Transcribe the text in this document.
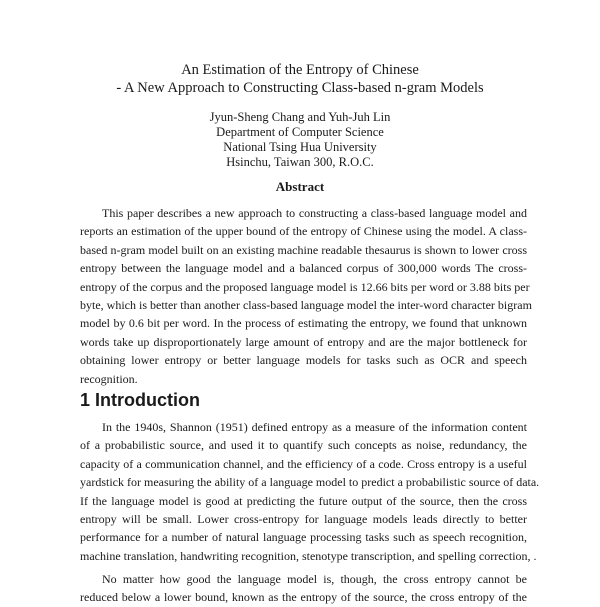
An Estimation of the Entropy of Chinese
- A New Approach to Constructing Class-based n-gram Models
Jyun-Sheng Chang and Yuh-Juh Lin
Department of Computer Science
National Tsing Hua University
Hsinchu, Taiwan 300, R.O.C.
Abstract
This paper describes a new approach to constructing a class-based language model and
reports an estimation of the upper bound of the entropy of Chinese using the model. A class-
based n-gram model built on an existing machine readable thesaurus is shown to lower cross
entropy between the language model and a balanced corpus of 300,000 words The cross-
entropy of the corpus and the proposed language model is 12.66 bits per word or 3.88 bits per
byte, which is better than another class-based language model the inter-word character bigram
model by 0.6 bit per word. In the process of estimating the entropy, we found that unknown
words take up disproportionately large amount of entropy and are the major bottleneck for
obtaining lower entropy or better language models for tasks such as OCR and speech
recognition.
1 Introduction
In the 1940s, Shannon (1951) defined entropy as a measure of the information content
of a probabilistic source, and used it to quantify such concepts as noise, redundancy, the
capacity of a communication channel, and the efficiency of a code. Cross entropy is a useful
yardstick for measuring the ability of a language model to predict a probabilistic source of data.
If the language model is good at predicting the future output of the source, then the cross
entropy will be small. Lower cross-entropy for language models leads directly to better
performance for a number of natural language processing tasks such as speech recognition,
machine translation, handwriting recognition, stenotype transcription, and spelling correction, .
No matter how good the language model is, though, the cross entropy cannot be
reduced below a lower bound, known as the entropy of the source, the cross entropy of the
